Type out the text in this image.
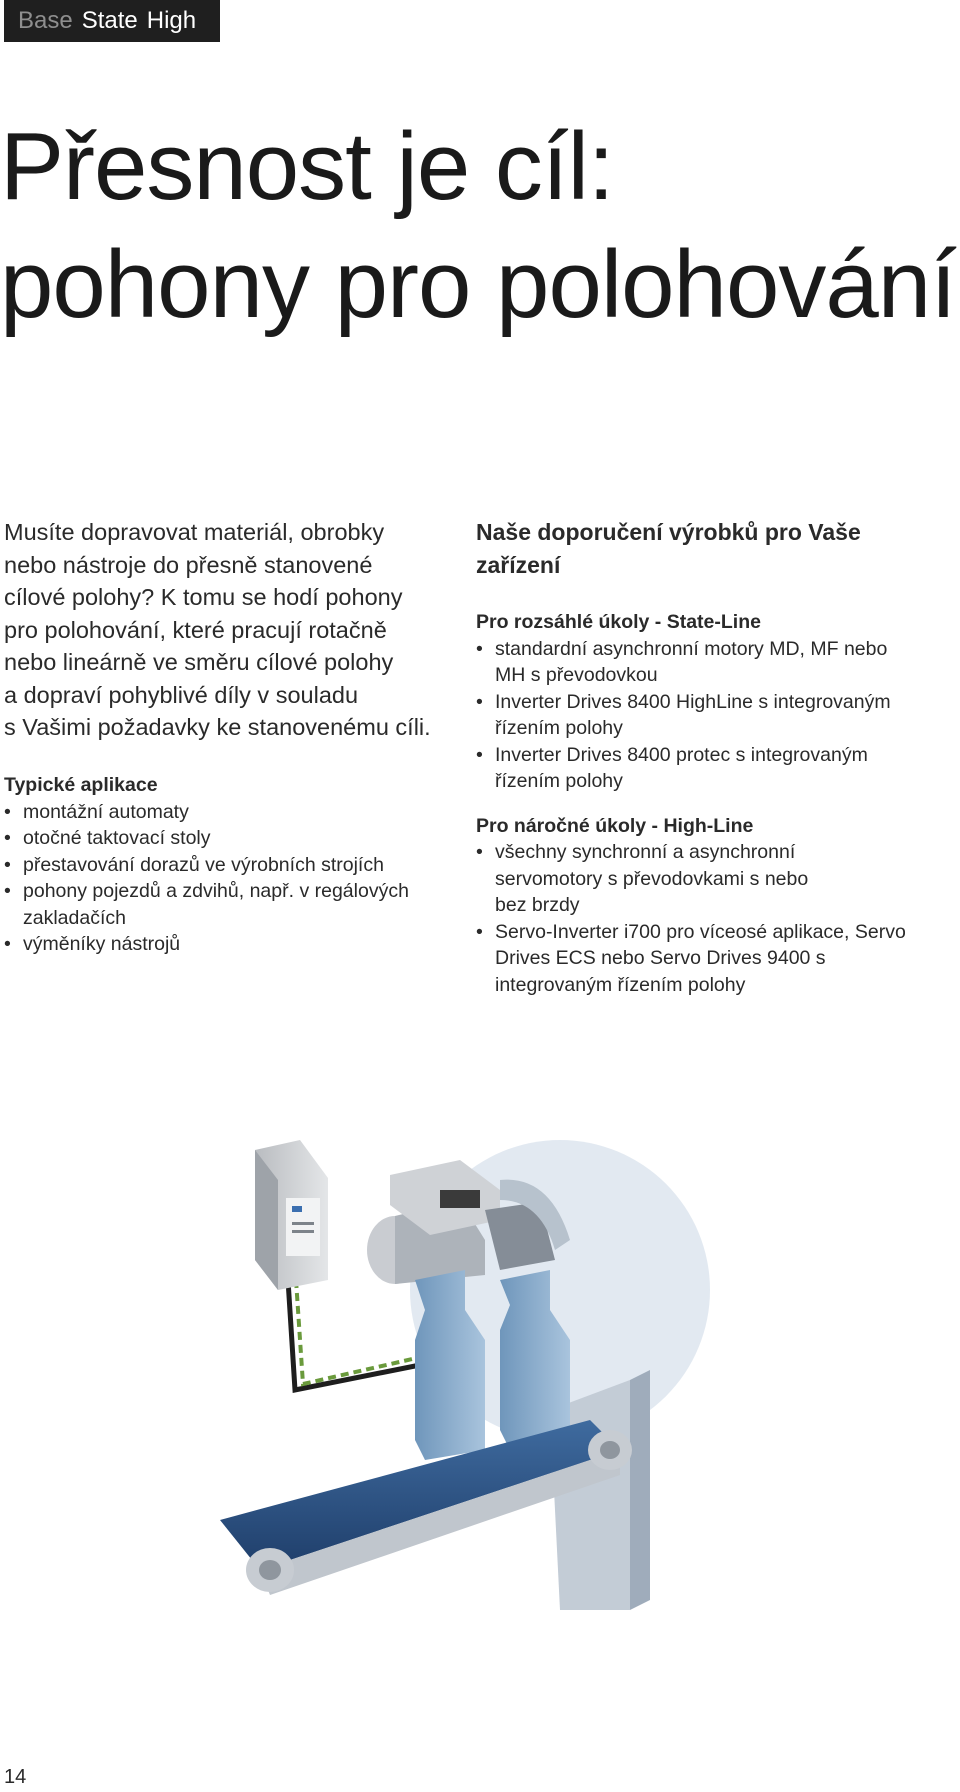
Base State High
Přesnost je cíl:
pohony pro polohování

Musíte dopravovat materiál, obrobky
nebo nástroje do přesně stanovené
cílové polohy? K tomu se hodí pohony
pro polohování, které pracují rotačně
nebo lineárně ve směru cílové polohy
a dopraví pohyblivé díly v souladu
s Vašimi požadavky ke stanovenému cíli.

Typické aplikace
• montážní automaty
• otočné taktovací stoly
• přestavování dorazů ve výrobních strojích
• pohony pojezdů a zdvihů, např. v regálových zakladačích
• výměníky nástrojů
Naše doporučení výrobků pro Vaše
zařízení
Pro rozsáhlé úkoly - State-Line
• standardní asynchronní motory MD, MF nebo MH s převodovkou
• Inverter Drives 8400 HighLine s integrovaným řízením polohy
• Inverter Drives 8400 protec s integrovaným řízením polohy
Pro náročné úkoly - High-Line
• všechny synchronní a asynchronní servomotory s převodovkami s nebo bez brzdy
• Servo-Inverter i700 pro víceosé aplikace, Servo Drives ECS nebo Servo Drives 9400 s integrovaným řízením polohy
14
